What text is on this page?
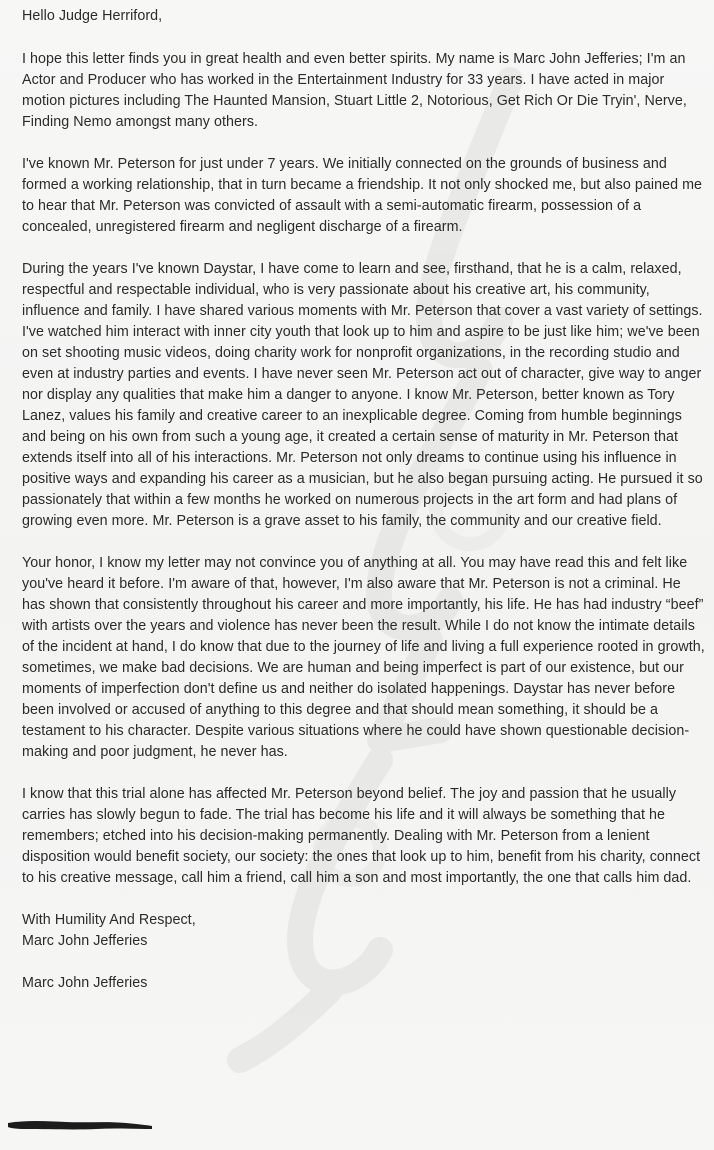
Hello Judge Herriford,

I hope this letter finds you in great health and even better spirits. My name is Marc John Jefferies; I'm an Actor and Producer who has worked in the Entertainment Industry for 33 years. I have acted in major motion pictures including The Haunted Mansion, Stuart Little 2, Notorious, Get Rich Or Die Tryin', Nerve, Finding Nemo amongst many others.

I've known Mr. Peterson for just under 7 years. We initially connected on the grounds of business and formed a working relationship, that in turn became a friendship. It not only shocked me, but also pained me to hear that Mr. Peterson was convicted of assault with a semi-automatic firearm, possession of a concealed, unregistered firearm and negligent discharge of a firearm.

During the years I've known Daystar, I have come to learn and see, firsthand, that he is a calm, relaxed, respectful and respectable individual, who is very passionate about his creative art, his community, influence and family. I have shared various moments with Mr. Peterson that cover a vast variety of settings. I've watched him interact with inner city youth that look up to him and aspire to be just like him; we've been on set shooting music videos, doing charity work for nonprofit organizations, in the recording studio and even at industry parties and events. I have never seen Mr. Peterson act out of character, give way to anger nor display any qualities that make him a danger to anyone. I know Mr. Peterson, better known as Tory Lanez, values his family and creative career to an inexplicable degree. Coming from humble beginnings and being on his own from such a young age, it created a certain sense of maturity in Mr. Peterson that extends itself into all of his interactions. Mr. Peterson not only dreams to continue using his influence in positive ways and expanding his career as a musician, but he also began pursuing acting. He pursued it so passionately that within a few months he worked on numerous projects in the art form and had plans of growing even more. Mr. Peterson is a grave asset to his family, the community and our creative field.

Your honor, I know my letter may not convince you of anything at all. You may have read this and felt like you've heard it before. I'm aware of that, however, I'm also aware that Mr. Peterson is not a criminal. He has shown that consistently throughout his career and more importantly, his life. He has had industry “beef” with artists over the years and violence has never been the result. While I do not know the intimate details of the incident at hand, I do know that due to the journey of life and living a full experience rooted in growth, sometimes, we make bad decisions. We are human and being imperfect is part of our existence, but our moments of imperfection don't define us and neither do isolated happenings. Daystar has never before been involved or accused of anything to this degree and that should mean something, it should be a testament to his character. Despite various situations where he could have shown questionable decision-making and poor judgment, he never has.

I know that this trial alone has affected Mr. Peterson beyond belief. The joy and passion that he usually carries has slowly begun to fade. The trial has become his life and it will always be something that he remembers; etched into his decision-making permanently. Dealing with Mr. Peterson from a lenient disposition would benefit society, our society: the ones that look up to him, benefit from his charity, connect to his creative message, call him a friend, call him a son and most importantly, the one that calls him dad.

With Humility And Respect,

Marc John Jefferies

Marc John Jefferies
